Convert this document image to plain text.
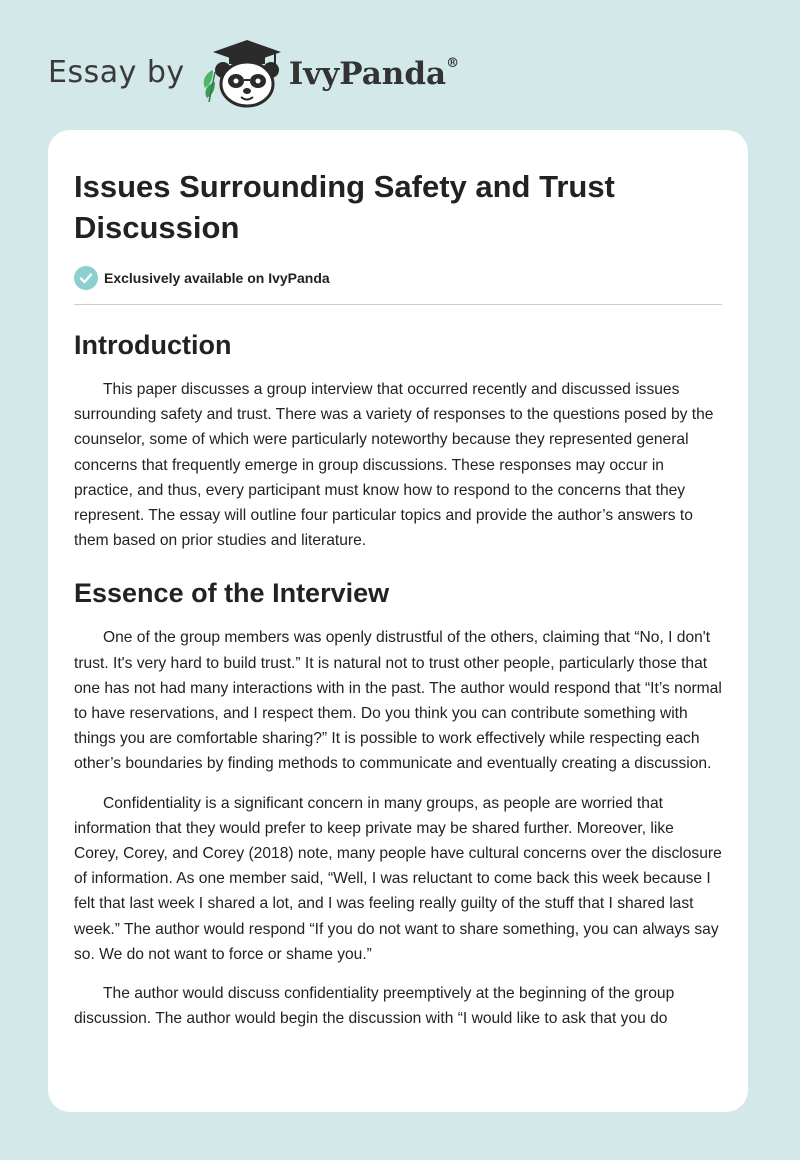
Essay by	IvyPanda®
Issues Surrounding Safety and Trust Discussion
Exclusively available on IvyPanda
Introduction

This paper discusses a group interview that occurred recently and discussed issues surrounding safety and trust. There was a variety of responses to the questions posed by the counselor, some of which were particularly noteworthy because they represented general concerns that frequently emerge in group discussions. These responses may occur in practice, and thus, every participant must know how to respond to the concerns that they represent. The essay will outline four particular topics and provide the author’s answers to them based on prior studies and literature.

Essence of the Interview

One of the group members was openly distrustful of the others, claiming that “No, I don't trust. It's very hard to build trust.” It is natural not to trust other people, particularly those that one has not had many interactions with in the past. The author would respond that “It’s normal to have reservations, and I respect them. Do you think you can contribute something with things you are comfortable sharing?” It is possible to work effectively while respecting each other’s boundaries by finding methods to communicate and eventually creating a discussion.

Confidentiality is a significant concern in many groups, as people are worried that information that they would prefer to keep private may be shared further. Moreover, like Corey, Corey, and Corey (2018) note, many people have cultural concerns over the disclosure of information. As one member said, “Well, I was reluctant to come back this week because I felt that last week I shared a lot, and I was feeling really guilty of the stuff that I shared last week.” The author would respond “If you do not want to share something, you can always say so. We do not want to force or shame you.”

The author would discuss confidentiality preemptively at the beginning of the group discussion. The author would begin the discussion with “I would like to ask that you do
